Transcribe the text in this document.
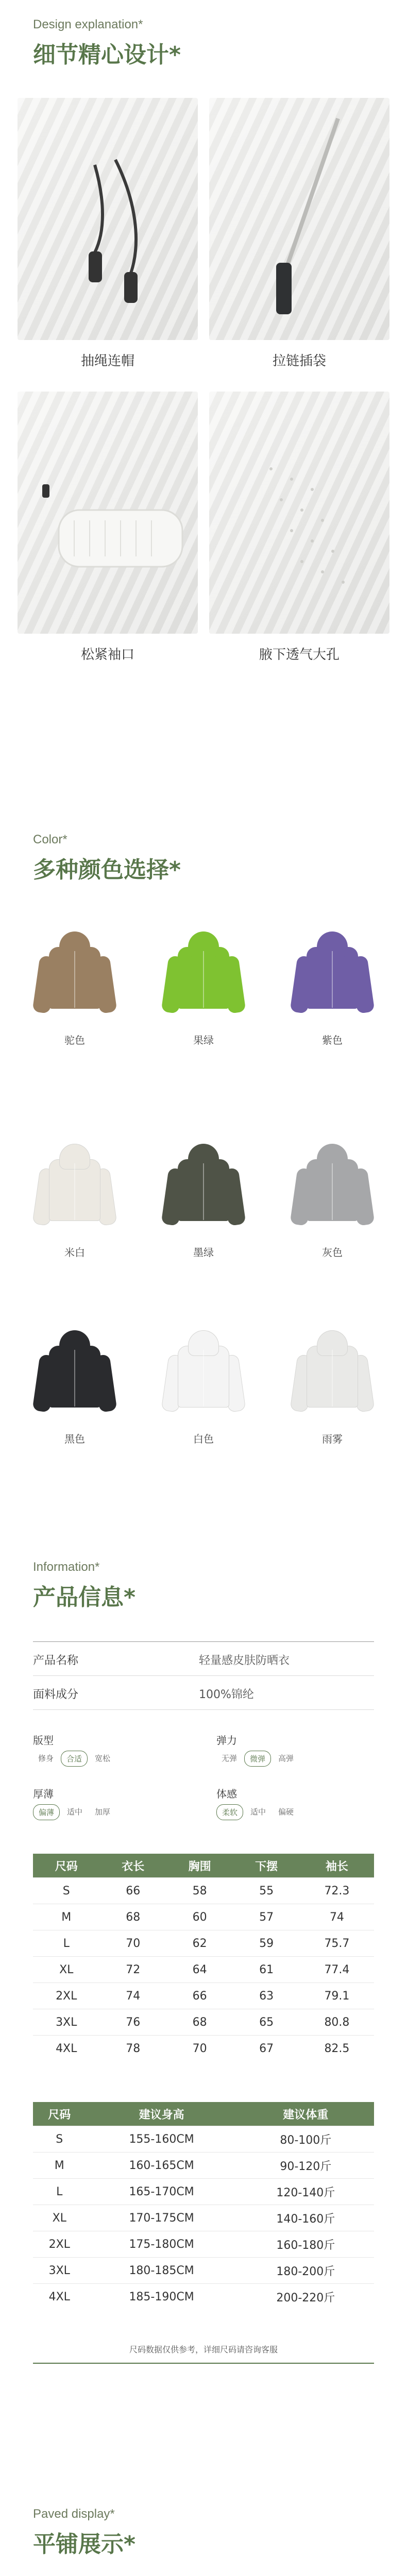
Design explanation*
细节精心设计*
抽绳连帽	拉链插袋
松紧袖口	腋下透气大孔
Color*
多种颜色选择*
驼色	果绿	紫色
米白	墨绿	灰色
黑色	白色	雨雾
Information*
产品信息*
产品名称	轻量感皮肤防晒衣
面料成分	100%锦纶
版型
修身	合适	宽松
弹力
无弹	微弹	高弹
厚薄
偏薄	适中	加厚
体感
柔软	适中	偏硬
尺码	衣长	胸围	下摆	袖长
S	66	58	55	72.3
M	68	60	57	74
L	70	62	59	75.7
XL	72	64	61	77.4
2XL	74	66	63	79.1
3XL	76	68	65	80.8
4XL	78	70	67	82.5
尺码	建议身高	建议体重
S	155-160CM	80-100斤
M	160-165CM	90-120斤
L	165-170CM	120-140斤
XL	170-175CM	140-160斤
2XL	175-180CM	160-180斤
3XL	180-185CM	180-200斤
4XL	185-190CM	200-220斤
尺码数据仅供参考，详细尺码请咨询客服
Paved display*
平铺展示*
